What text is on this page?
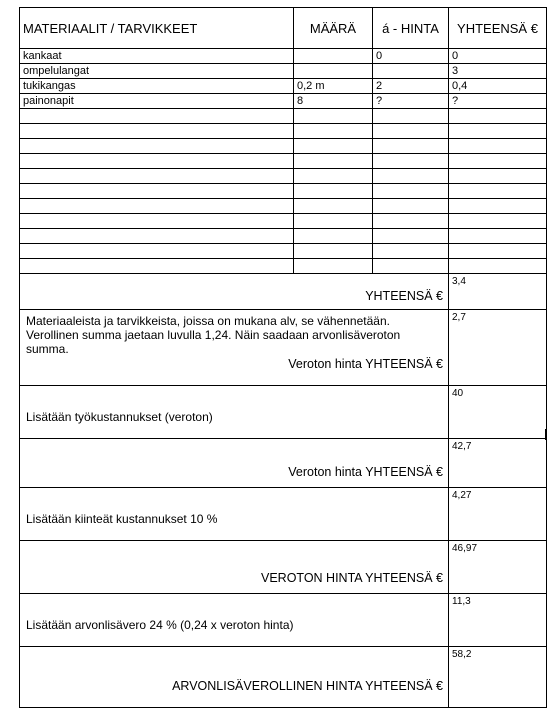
MATERIAALIT / TARVIKKEET	MÄÄRÄ	á - HINTA	YHTEENSÄ €
kankaat		0	0
ompelulangat			3
tukikangas	0,2 m	2	0,4
painonapit	8	?	?

YHTEENSÄ €			3,4

Materiaaleista ja tarvikkeista, joissa on mukana alv, se vähennetään. Verollinen summa jaetaan luvulla 1,24. Näin saadaan arvonlisäveroton summa.
Veroton hinta YHTEENSÄ €			2,7
Lisätään työkustannukset (veroton)			40
Veroton hinta YHTEENSÄ €			42,7
Lisätään kiinteät kustannukset 10 %			4,27
VEROTON HINTA YHTEENSÄ €			46,97
Lisätään arvonlisävero 24 % (0,24 x veroton hinta)			11,3
ARVONLISÄVEROLLINEN HINTA YHTEENSÄ €			58,2
